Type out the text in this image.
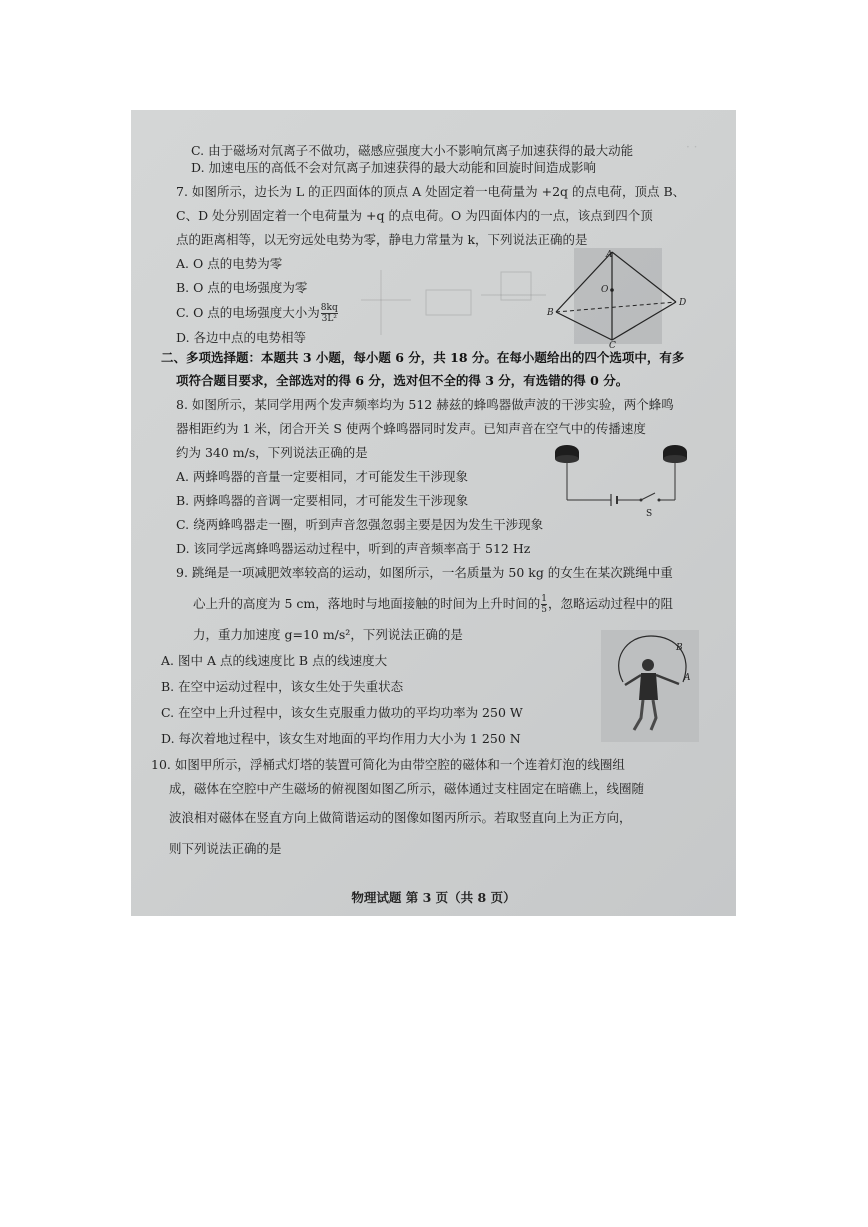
· ·
C. 由于磁场对氘离子不做功，磁感应强度大小不影响氘离子加速获得的最大动能
D. 加速电压的高低不会对氘离子加速获得的最大动能和回旋时间造成影响
7. 如图所示，边长为 L 的正四面体的顶点 A 处固定着一电荷量为 +2q 的点电荷，顶点 B、
C、D 处分别固定着一个电荷量为 +q 的点电荷。O 为四面体内的一点，该点到四个顶
点的距离相等，以无穷远处电势为零，静电力常量为 k，下列说法正确的是
A. O 点的电势为零
B. O 点的电场强度为零
C. O 点的电场强度大小为 $\frac{8kq}{\text{3L²}}$
D. 各边中点的电势相等
A
B
C
D
O
二、多项选择题：本题共 3 小题，每小题 6 分，共 18 分。在每小题给出的四个选项中，有多
项符合题目要求，全部选对的得 6 分，选对但不全的得 3 分，有选错的得 0 分。
8. 如图所示，某同学用两个发声频率均为 512 赫兹的蜂鸣器做声波的干涉实验，两个蜂鸣
器相距约为 1 米，闭合开关 S 使两个蜂鸣器同时发声。已知声音在空气中的传播速度
约为 340 m/s，下列说法正确的是
A. 两蜂鸣器的音量一定要相同，才可能发生干涉现象
B. 两蜂鸣器的音调一定要相同，才可能发生干涉现象
C. 绕两蜂鸣器走一圈，听到声音忽强忽弱主要是因为发生干涉现象
D. 该同学远离蜂鸣器运动过程中，听到的声音频率高于 512 Hz
S
9. 跳绳是一项减肥效率较高的运动，如图所示，一名质量为 50 kg 的女生在某次跳绳中重
心上升的高度为 5 cm，落地时与地面接触的时间为上升时间的 $\frac{1}{5}$ ，忽略运动过程中的阻
力，重力加速度 g=10 m/s²，下列说法正确的是
A. 图中 A 点的线速度比 B 点的线速度大
B. 在空中运动过程中，该女生处于失重状态
C. 在空中上升过程中，该女生克服重力做功的平均功率为 250 W
D. 每次着地过程中，该女生对地面的平均作用力大小为 1 250 N
B
A
10. 如图甲所示，浮桶式灯塔的装置可简化为由带空腔的磁体和一个连着灯泡的线圈组
成，磁体在空腔中产生磁场的俯视图如图乙所示，磁体通过支柱固定在暗礁上，线圈随
波浪相对磁体在竖直方向上做简谐运动的图像如图丙所示。若取竖直向上为正方向，
则下列说法正确的是
物理试题 第 3 页（共 8 页）
